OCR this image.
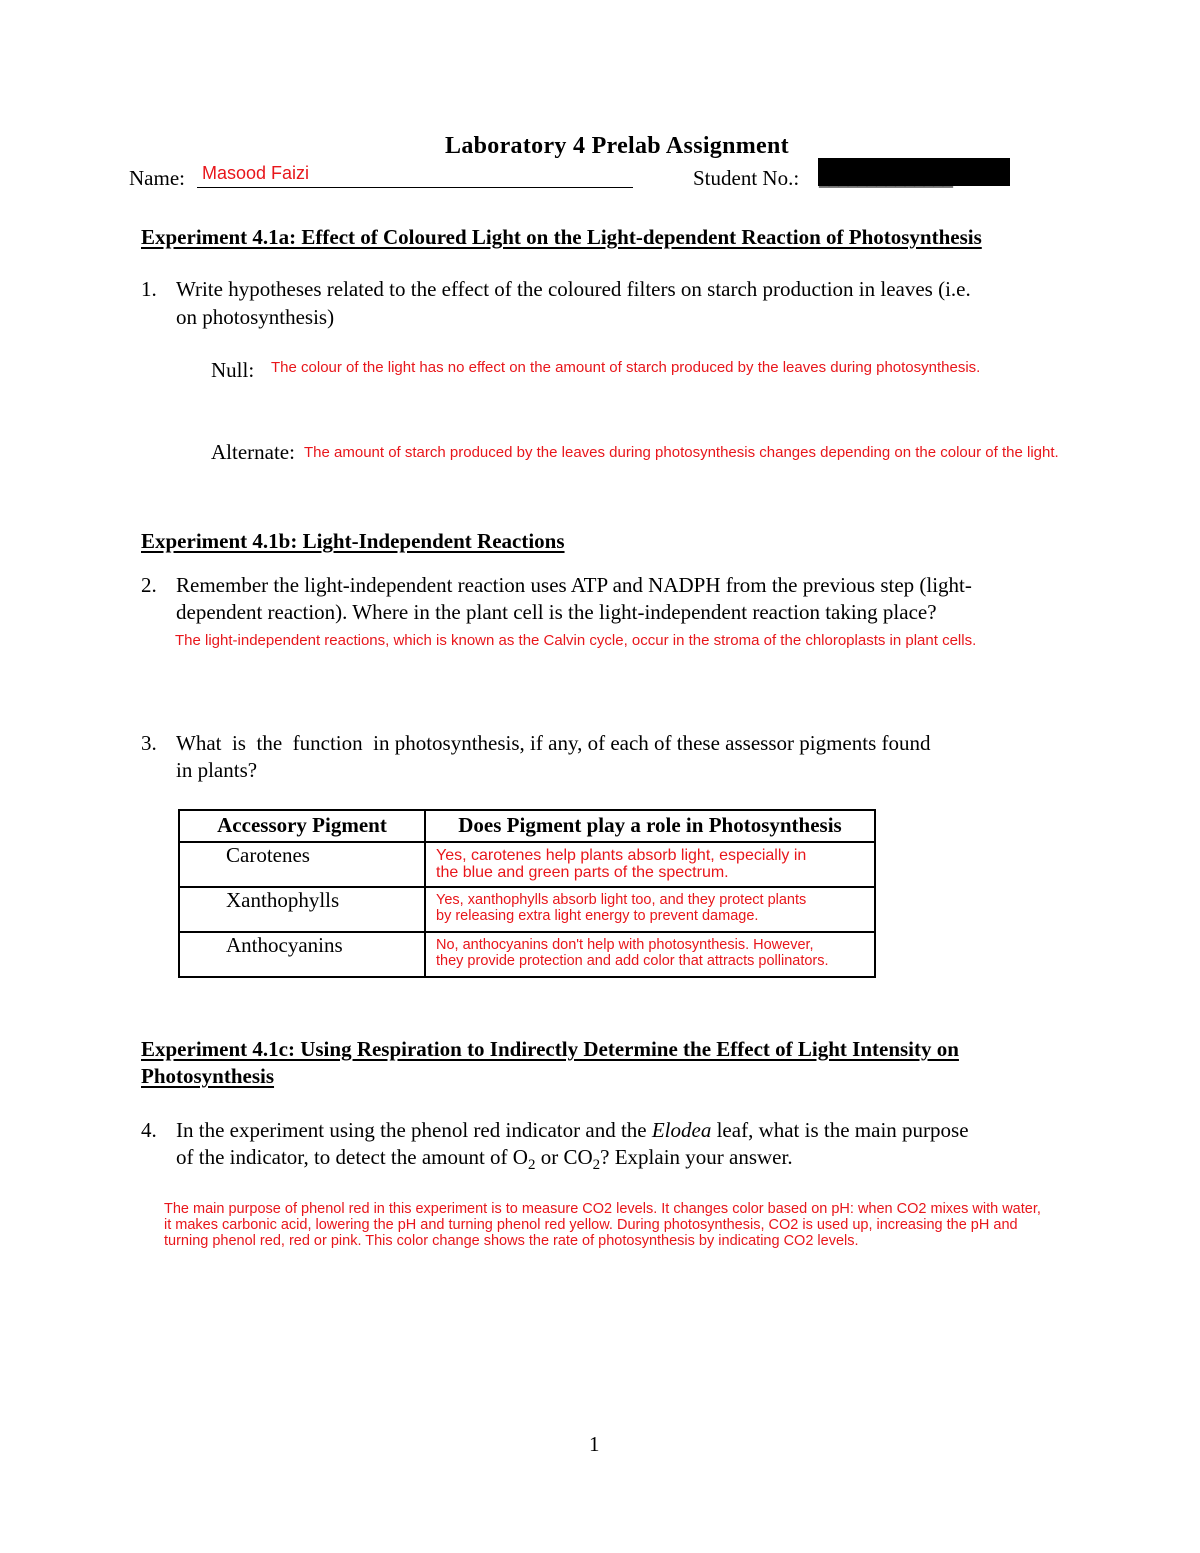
Laboratory 4 Prelab Assignment
Name: Masood Faizi	Student No.: ______________
Experiment 4.1a: Effect of Coloured Light on the Light-dependent Reaction of Photosynthesis
1. Write hypotheses related to the effect of the coloured filters on starch production in leaves (i.e.
on photosynthesis)
Null: The colour of the light has no effect on the amount of starch produced by the leaves during photosynthesis.
Alternate: The amount of starch produced by the leaves during photosynthesis changes depending on the colour of the light.
Experiment 4.1b: Light-Independent Reactions
2. Remember the light-independent reaction uses ATP and NADPH from the previous step (light-
dependent reaction). Where in the plant cell is the light-independent reaction taking place?
The light-independent reactions, which is known as the Calvin cycle, occur in the stroma of the chloroplasts in plant cells.
3. What  is  the  function  in photosynthesis, if any, of each of these assessor pigments found
in plants?
Accessory Pigment	Does Pigment play a role in Photosynthesis
Carotenes	Yes, carotenes help plants absorb light, especially in
the blue and green parts of the spectrum.

Xanthophylls	Yes, xanthophylls absorb light too, and they protect plants
by releasing extra light energy to prevent damage.

Anthocyanins	No, anthocyanins don't help with photosynthesis. However,
they provide protection and add color that attracts pollinators.
Experiment 4.1c: Using Respiration to Indirectly Determine the Effect of Light Intensity on
Photosynthesis
4. In the experiment using the phenol red indicator and the Elodea leaf, what is the main purpose
of the indicator, to detect the amount of $O_2$ or $CO_2$? Explain your answer.
The main purpose of phenol red in this experiment is to measure CO2 levels. It changes color based on pH: when CO2 mixes with water,
it makes carbonic acid, lowering the pH and turning phenol red yellow. During photosynthesis, CO2 is used up, increasing the pH and
turning phenol red, red or pink. This color change shows the rate of photosynthesis by indicating CO2 levels.
1
